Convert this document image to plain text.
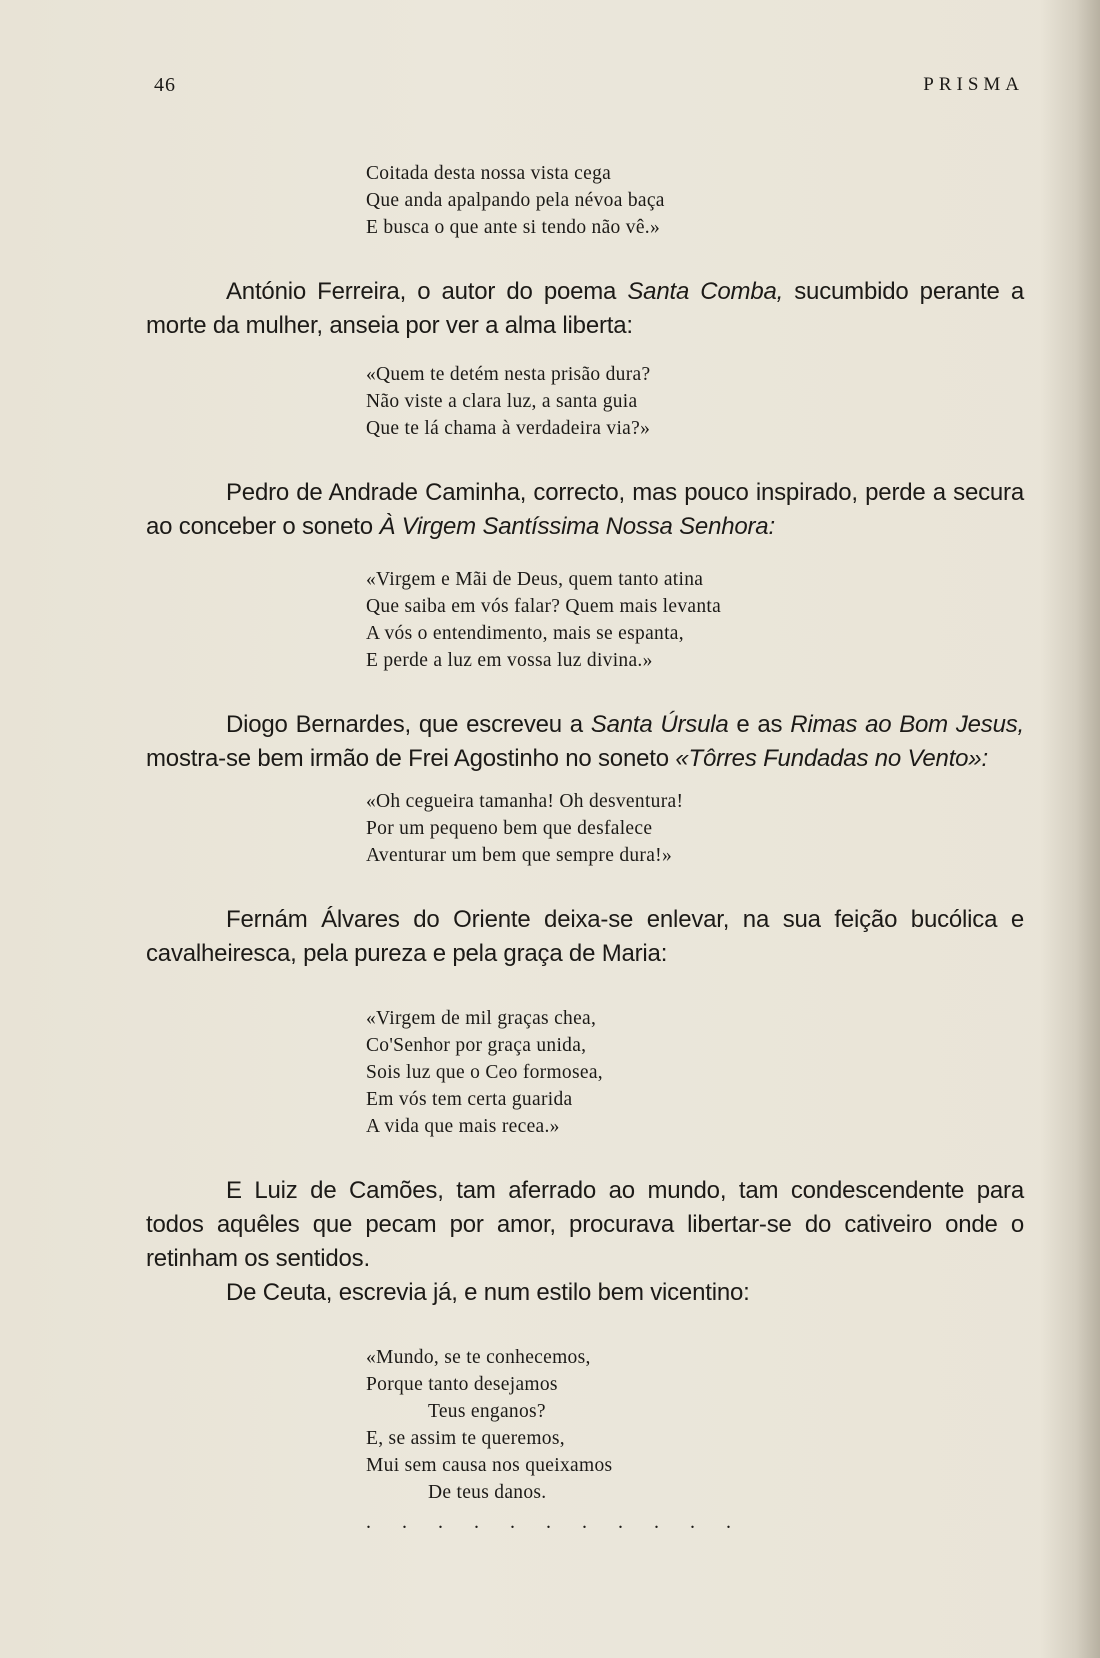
46	PRISMA
Coitada desta nossa vista cega
Que anda apalpando pela névoa baça
E busca o que ante si tendo não vê.»

António Ferreira, o autor do poema Santa Comba, sucumbido perante a morte da mulher, anseia por ver a alma liberta:

«Quem te detém nesta prisão dura?
Não viste a clara luz, a santa guia
Que te lá chama à verdadeira via?»

Pedro de Andrade Caminha, correcto, mas pouco inspirado, perde a secura ao conceber o soneto À Virgem Santíssima Nossa Senhora:

«Virgem e Mãi de Deus, quem tanto atina
Que saiba em vós falar? Quem mais levanta
A vós o entendimento, mais se espanta,
E perde a luz em vossa luz divina.»

Diogo Bernardes, que escreveu a Santa Úrsula e as Rimas ao Bom Jesus, mostra-se bem irmão de Frei Agostinho no soneto «Tôrres Fundadas no Vento»:

«Oh cegueira tamanha! Oh desventura!
Por um pequeno bem que desfalece
Aventurar um bem que sempre dura!»

Fernám Álvares do Oriente deixa-se enlevar, na sua feição bucólica e cavalheiresca, pela pureza e pela graça de Maria:

«Virgem de mil graças chea,
Co'Senhor por graça unida,
Sois luz que o Ceo formosea,
Em vós tem certa guarida
A vida que mais recea.»

E Luiz de Camões, tam aferrado ao mundo, tam condescendente para todos aquêles que pecam por amor, procurava libertar-se do cativeiro onde o retinham os sentidos.

De Ceuta, escrevia já, e num estilo bem vicentino:

«Mundo, se te conhecemos,
Porque tanto desejamos
Teus enganos?
E, se assim te queremos,
Mui sem causa nos queixamos
De teus danos.
. . . . . . . . . . .
